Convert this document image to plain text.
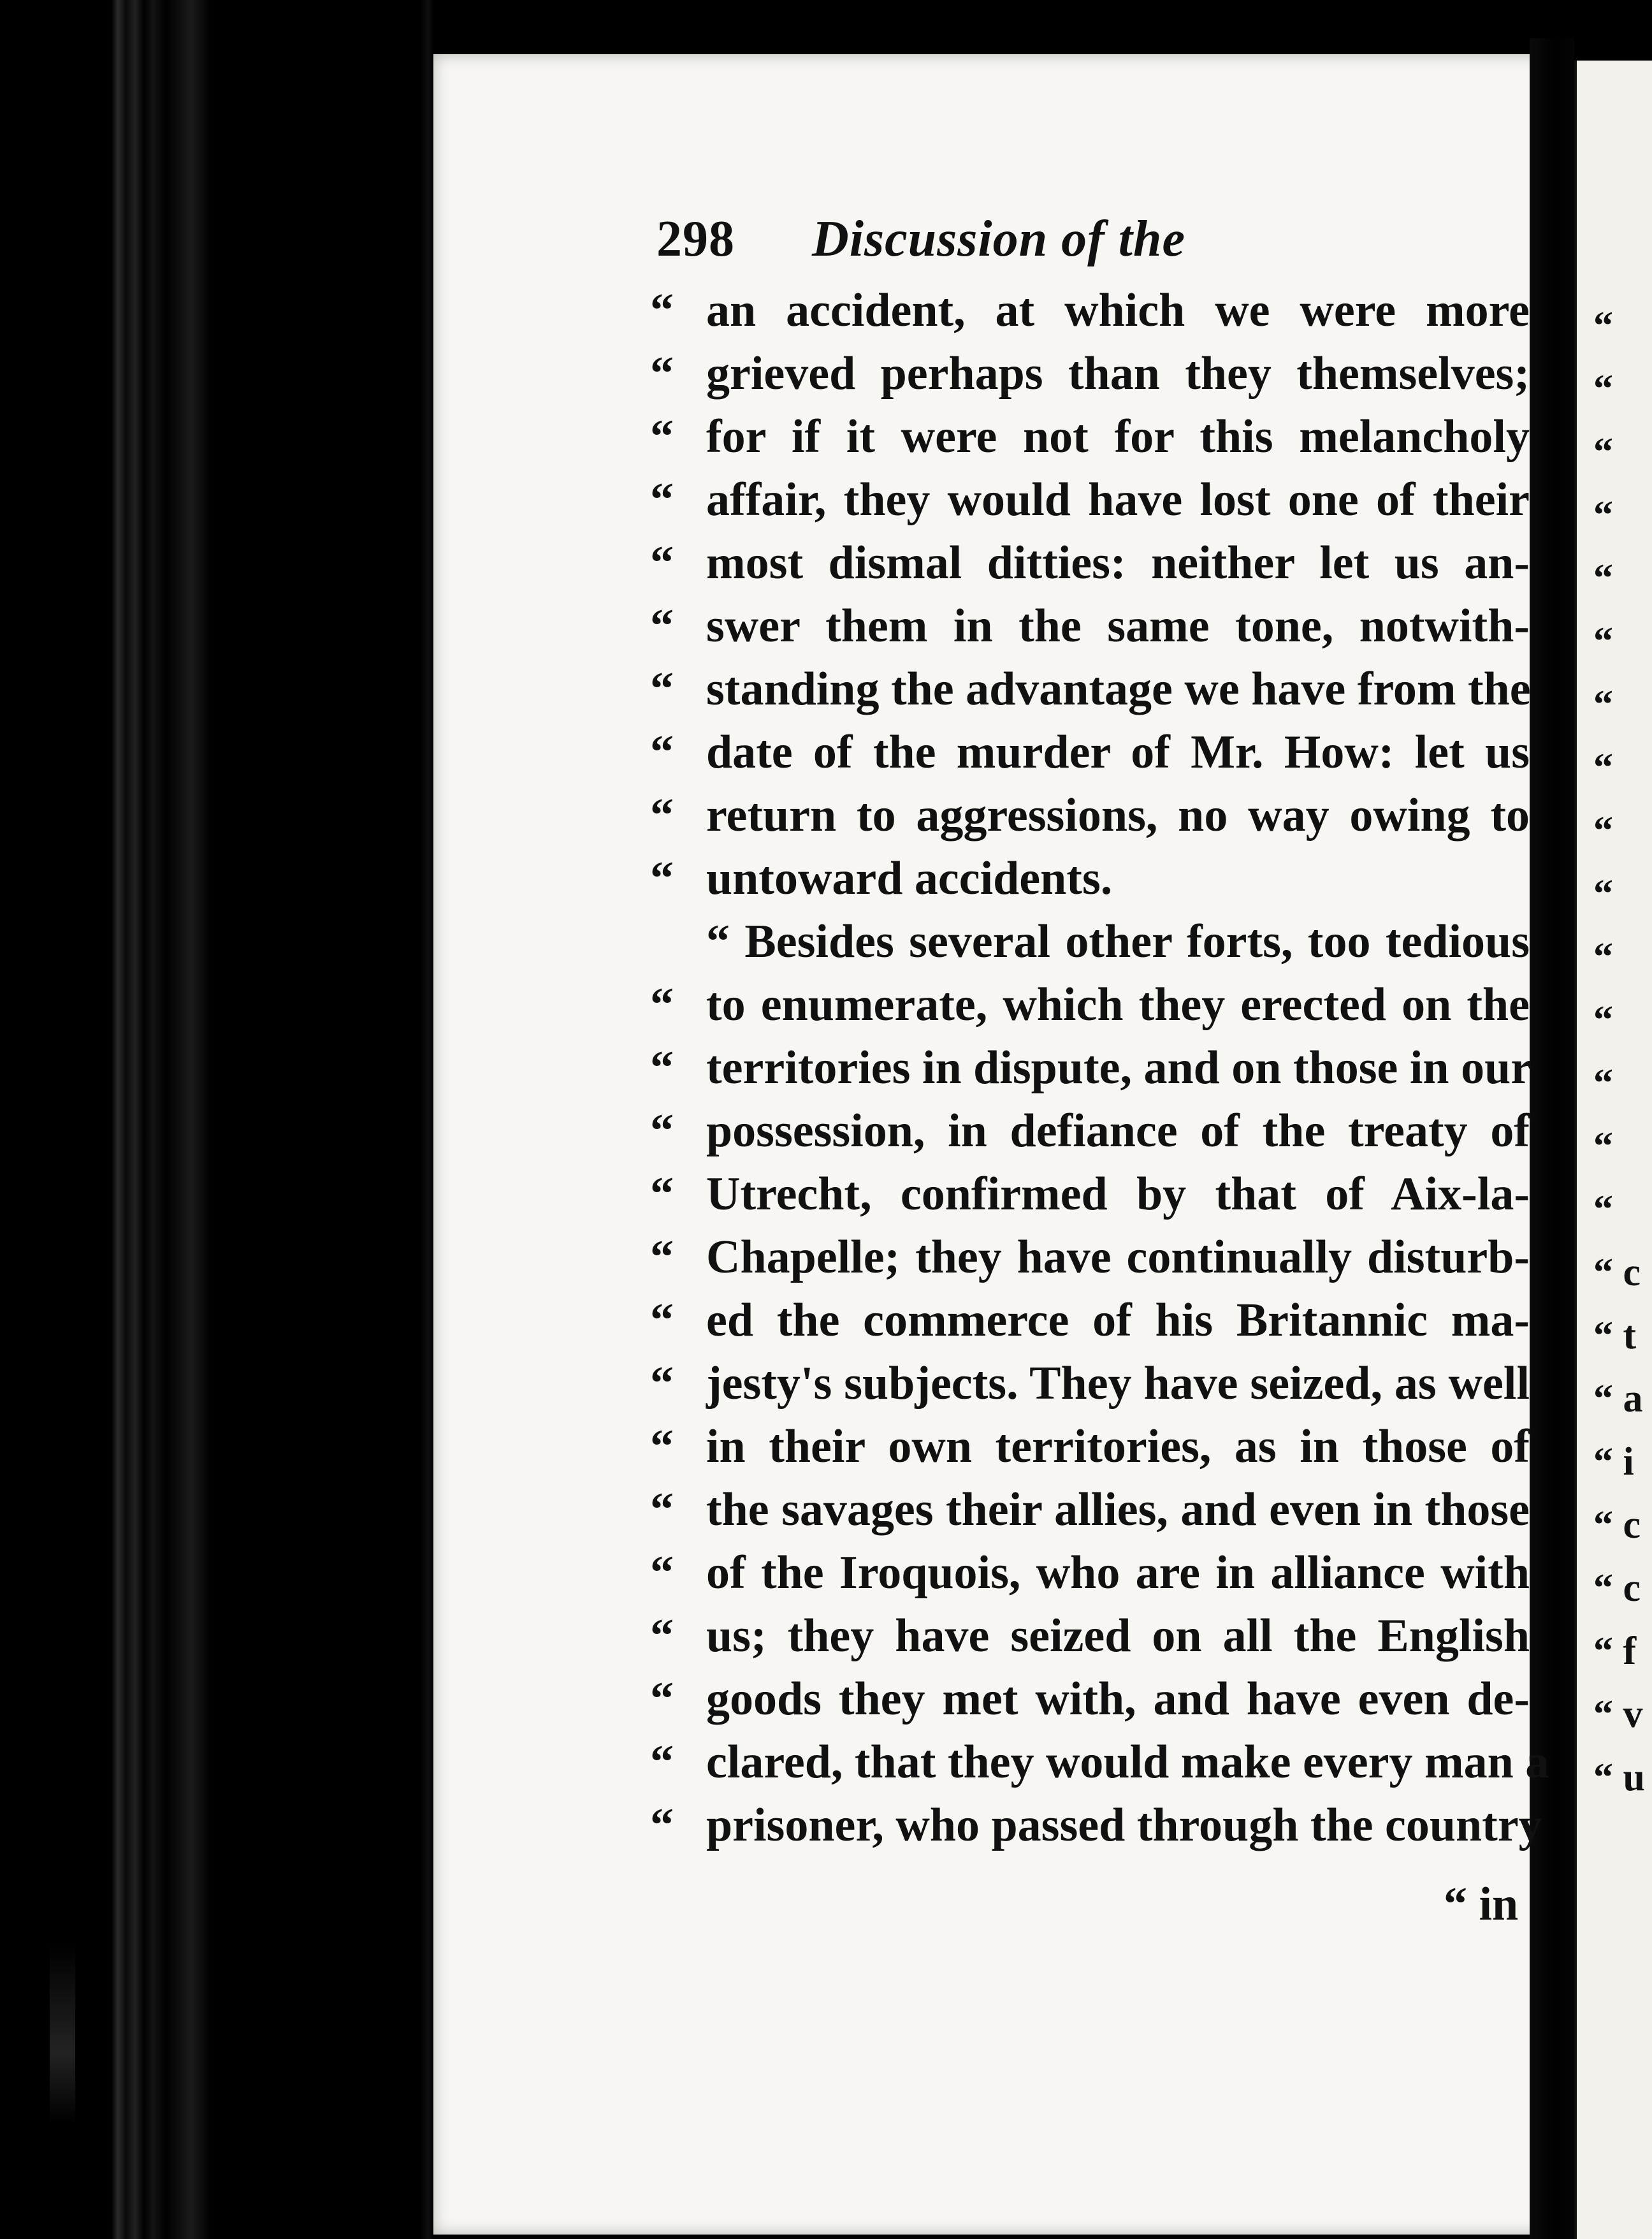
“
“
“
“
“
“
“
“
“
“
“
“
“
“
“
“ c
“ t
“ a
“ i
“ c
“ c
“ f
“ v
“ u
298 Discussion of the
“ an accident, at which we were more
“ grieved perhaps than they themselves;
“ for if it were not for this melancholy
“ affair, they would have lost one of their
“ most dismal ditties: neither let us an-
“ swer them in the same tone, notwith-
“ standing the advantage we have from the
“ date of the murder of Mr. How: let us
“ return to aggressions, no way owing to
“ untoward accidents.
“ Besides several other forts, too tedious
“ to enumerate, which they erected on the
“ territories in dispute, and on those in our
“ possession, in defiance of the treaty of
“ Utrecht, confirmed by that of Aix-la-
“ Chapelle; they have continually disturb-
“ ed the commerce of his Britannic ma-
“ jesty's subjects. They have seized, as well
“ in their own territories, as in those of
“ the savages their allies, and even in those
“ of the Iroquois, who are in alliance with
“ us; they have seized on all the English
“ goods they met with, and have even de-
“ clared, that they would make every man a
“ prisoner, who passed through the country
“ in
